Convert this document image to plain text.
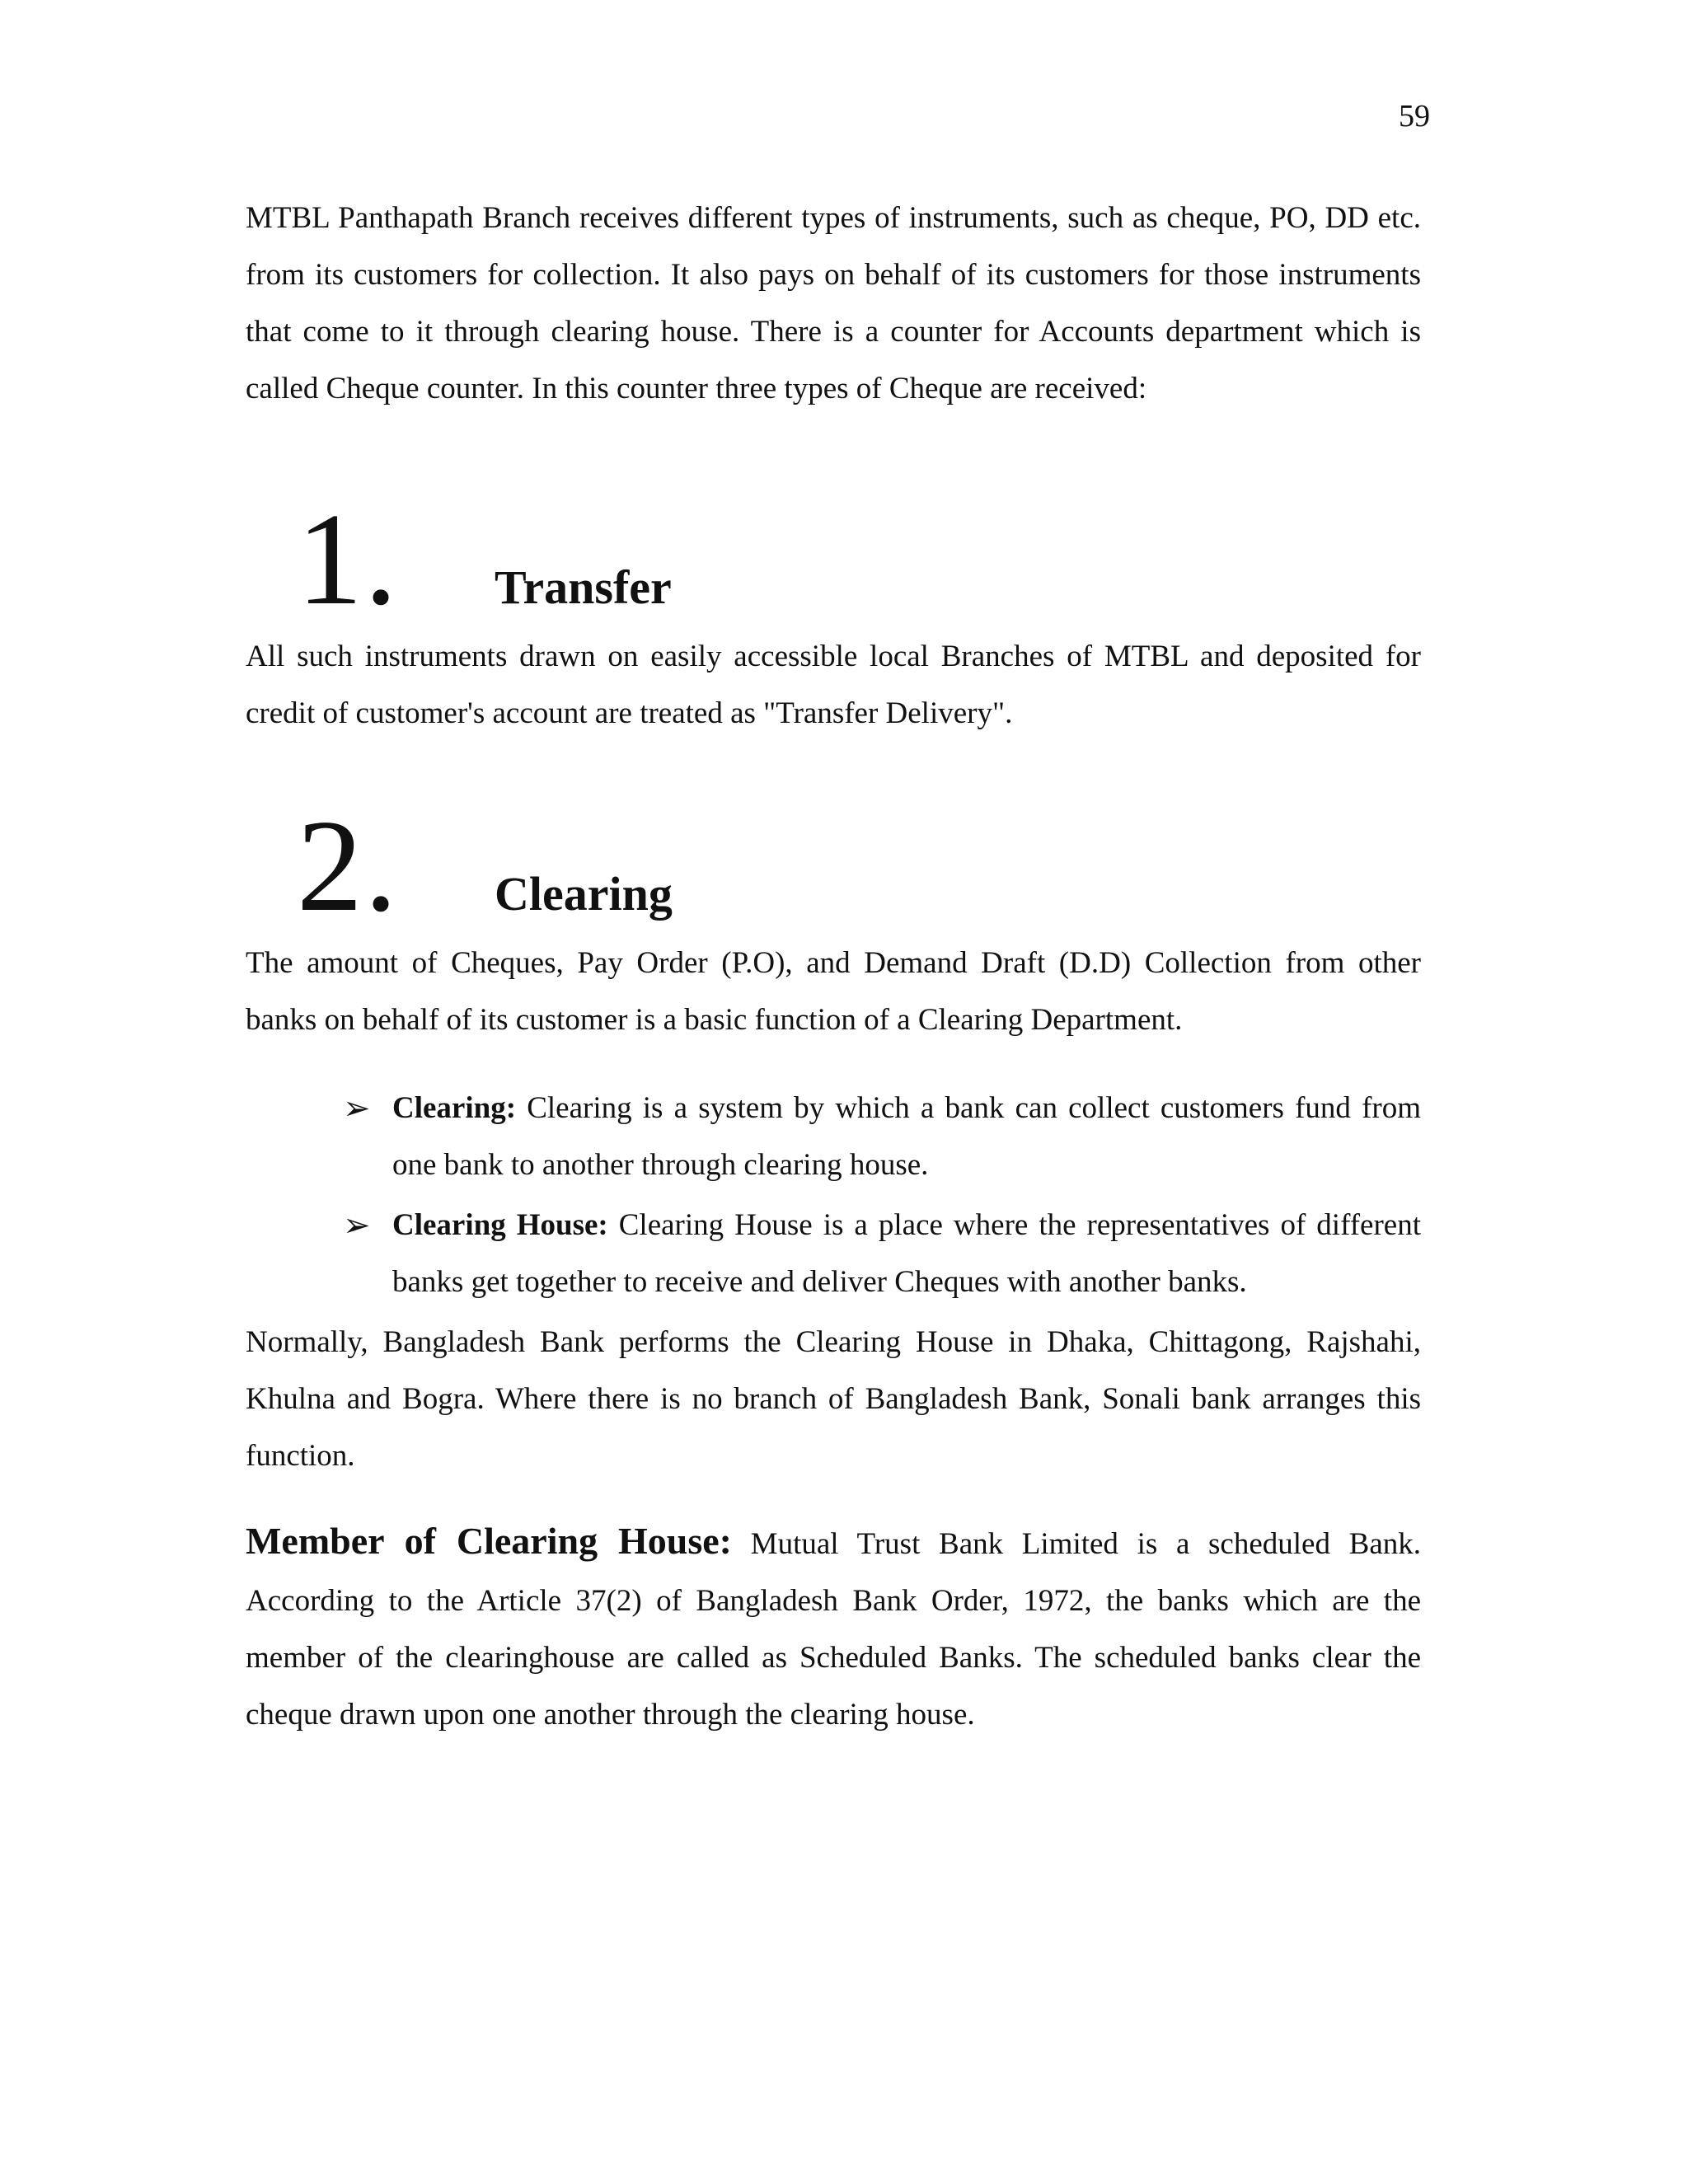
59

MTBL Panthapath Branch receives different types of instruments, such as cheque, PO, DD etc. from its customers for collection. It also pays on behalf of its customers for those instruments that come to it through clearing house. There is a counter for Accounts department which is called Cheque counter. In this counter three types of Cheque are received:

1.	Transfer

All such instruments drawn on easily accessible local Branches of MTBL and deposited for credit of customer's account are treated as "Transfer Delivery".

2.	Clearing

The amount of Cheques, Pay Order (P.O), and Demand Draft (D.D) Collection from other banks on behalf of its customer is a basic function of a Clearing Department.

➢ Clearing: Clearing is a system by which a bank can collect customers fund from one bank to another through clearing house.
➢ Clearing House: Clearing House is a place where the representatives of different banks get together to receive and deliver Cheques with another banks.

Normally, Bangladesh Bank performs the Clearing House in Dhaka, Chittagong, Rajshahi, Khulna and Bogra. Where there is no branch of Bangladesh Bank, Sonali bank arranges this function.

Member of Clearing House: Mutual Trust Bank Limited is a scheduled Bank. According to the Article 37(2) of Bangladesh Bank Order, 1972, the banks which are the member of the clearinghouse are called as Scheduled Banks. The scheduled banks clear the cheque drawn upon one another through the clearing house.
